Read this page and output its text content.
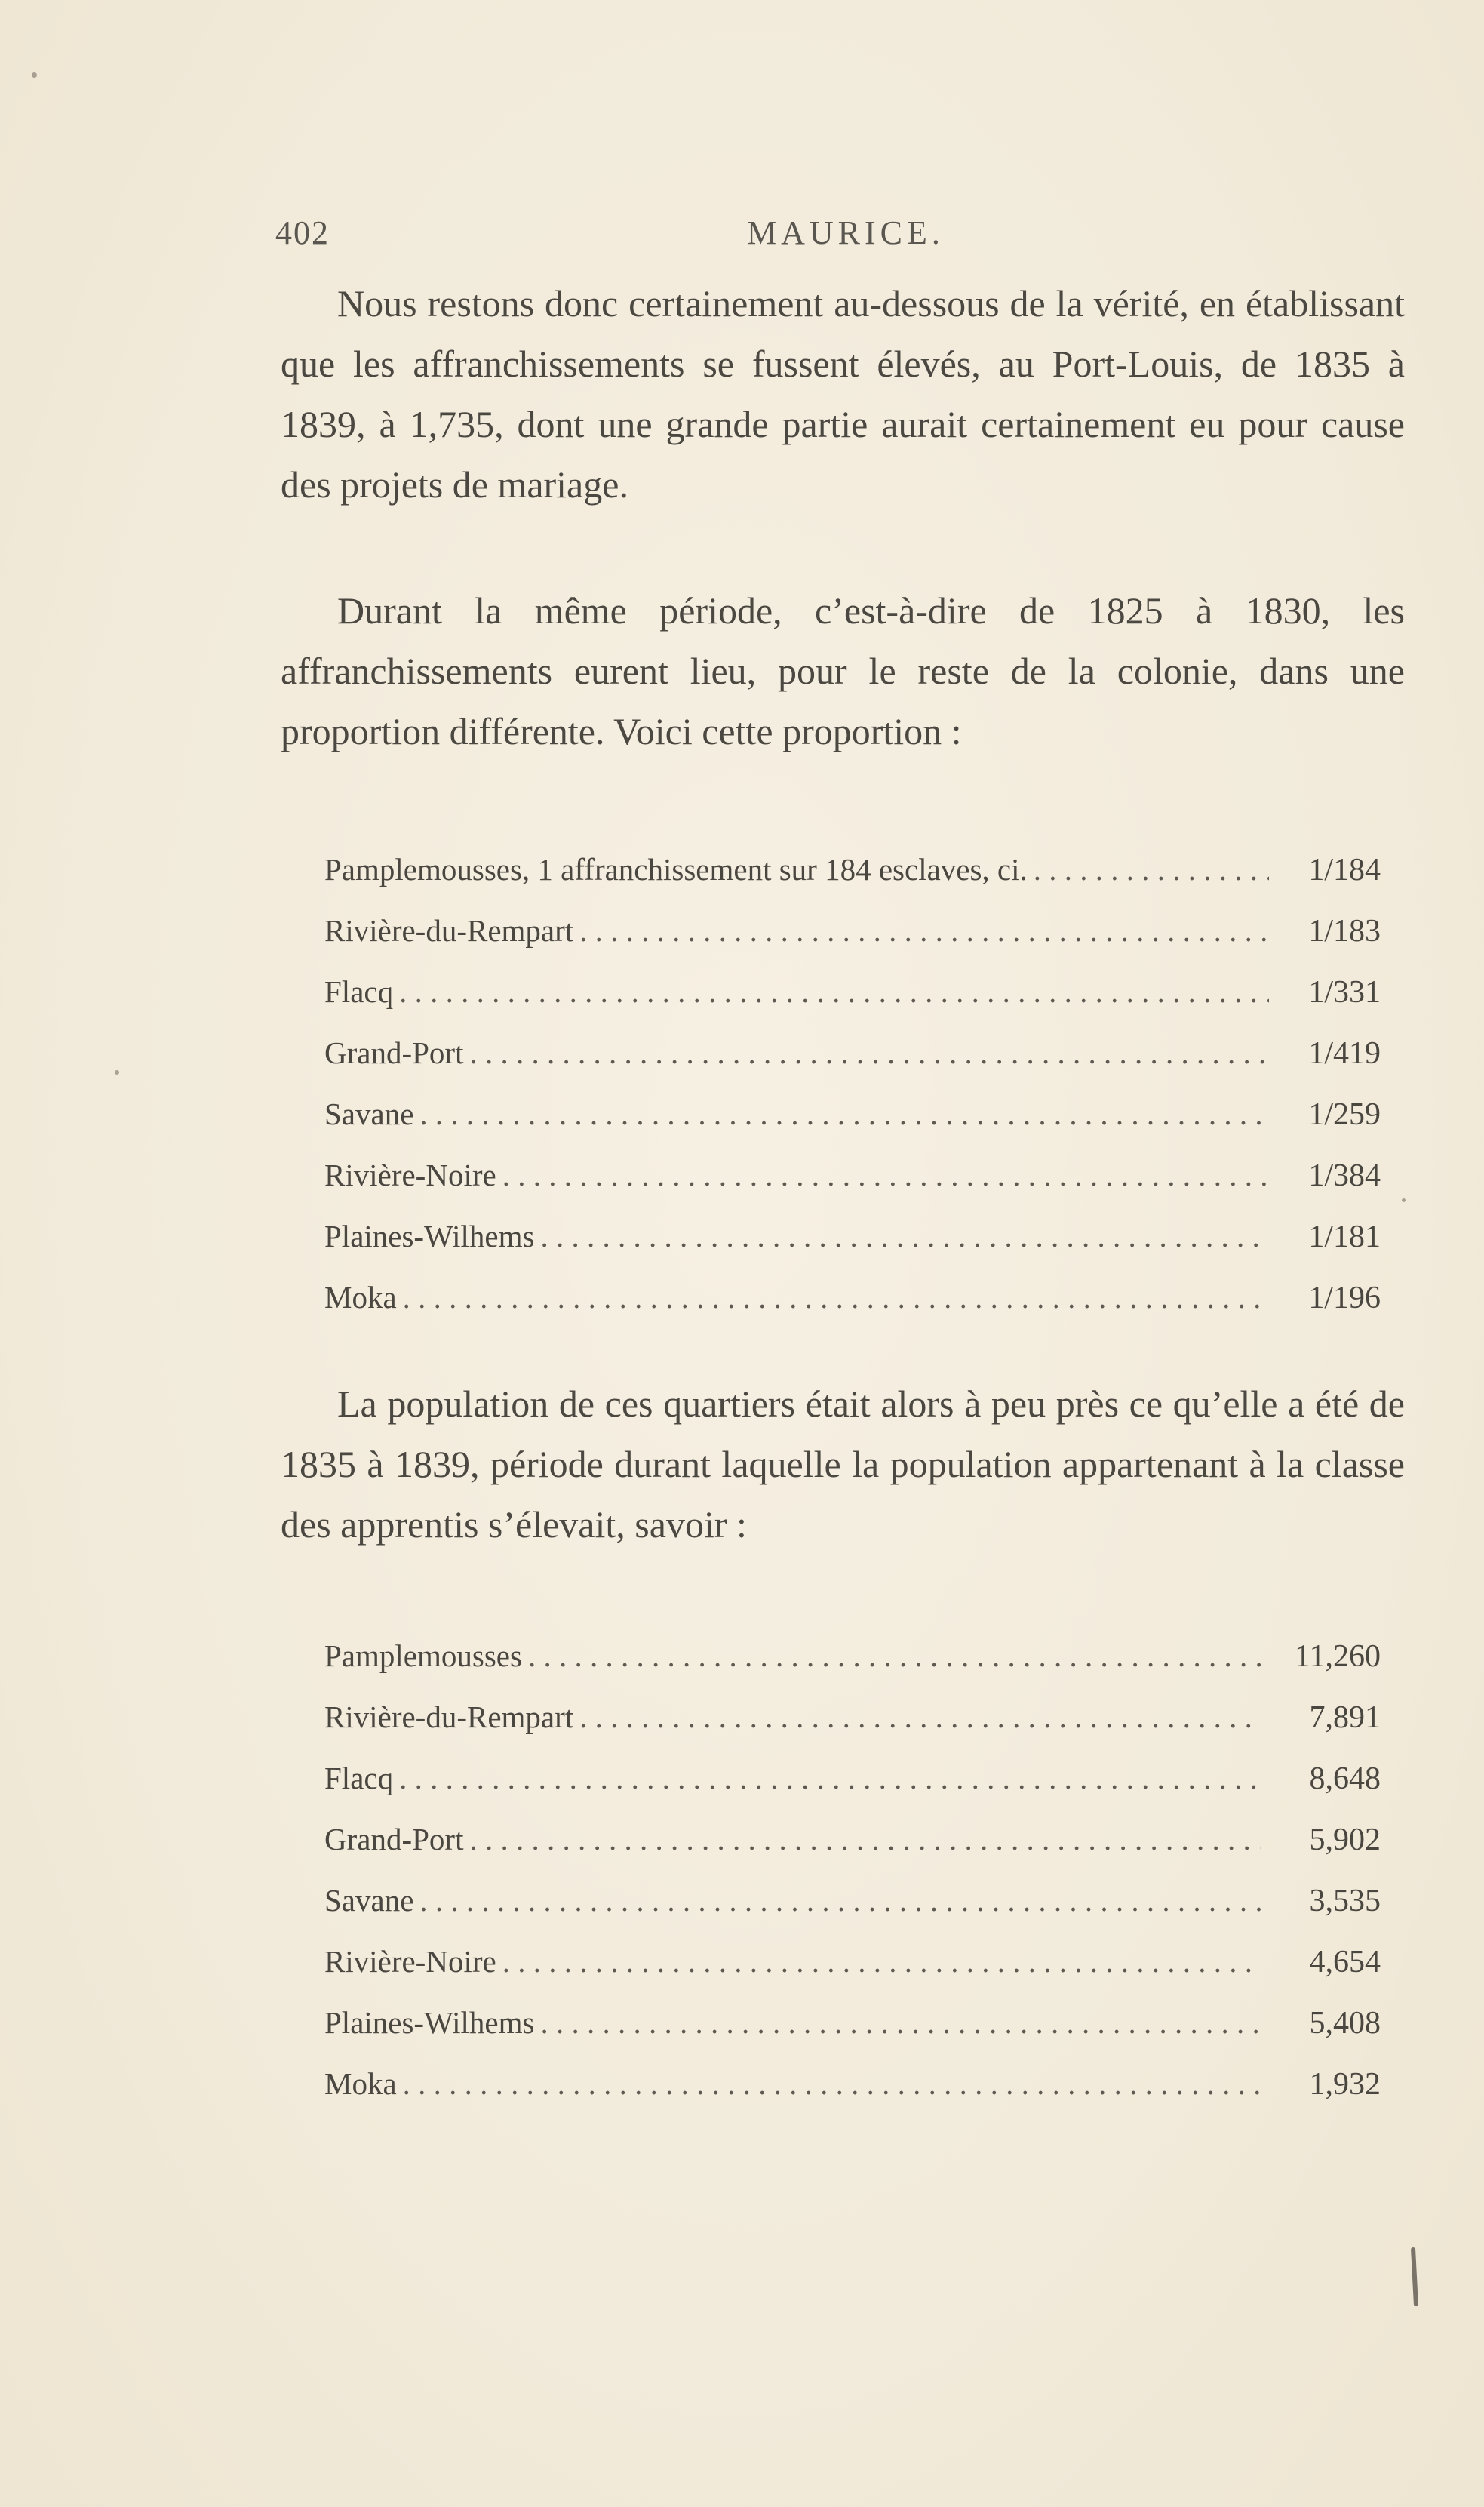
402	MAURICE.

Nous restons donc certainement au-dessous de la vérité, en établissant que les affranchissements se fussent élevés, au Port-Louis, de 1835 à 1839, à 1,735, dont une grande partie aurait certainement eu pour cause des projets de mariage.

Durant la même période, c’est-à-dire de 1825 à 1830, les affranchissements eurent lieu, pour le reste de la colonie, dans une proportion différente. Voici cette proportion :

Pamplemousses, 1 affranchissement sur 184 esclaves, ci. . . .	1/184
Rivière-du-Rempart . . .	1/183
Flacq . . .	1/331
Grand-Port . . .	1/419
Savane . . .	1/259
Rivière-Noire . . .	1/384
Plaines-Wilhems . . .	1/181
Moka . . .	1/196

La population de ces quartiers était alors à peu près ce qu’elle a été de 1835 à 1839, période durant laquelle la population appartenant à la classe des apprentis s’élevait, savoir :

Pamplemousses . . .	11,260
Rivière-du-Rempart . . .	7,891
Flacq . . .	8,648
Grand-Port . . .	5,902
Savane . . .	3,535
Rivière-Noire . . .	4,654
Plaines-Wilhems . . .	5,408
Moka . . .	1,932
